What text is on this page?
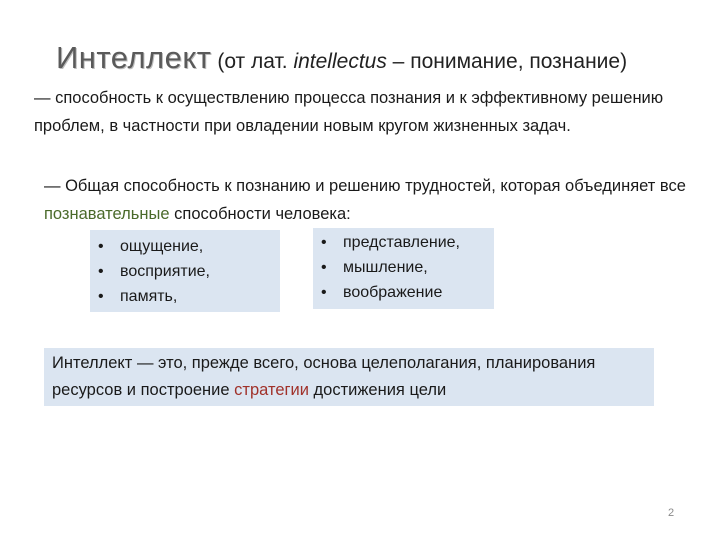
Интеллект (от лат. intellectus – понимание, познание)
— способность к осуществлению процесса познания и к эффективному решению проблем, в частности при овладении новым кругом жизненных задач.
— Общая способность к познанию и решению трудностей, которая объединяет все познавательные способности человека:
• ощущение,
• восприятие,
• память,
• представление,
• мышление,
• воображение
Интеллект — это, прежде всего, основа целеполагания, планирования ресурсов и построение стратегии достижения цели
2
